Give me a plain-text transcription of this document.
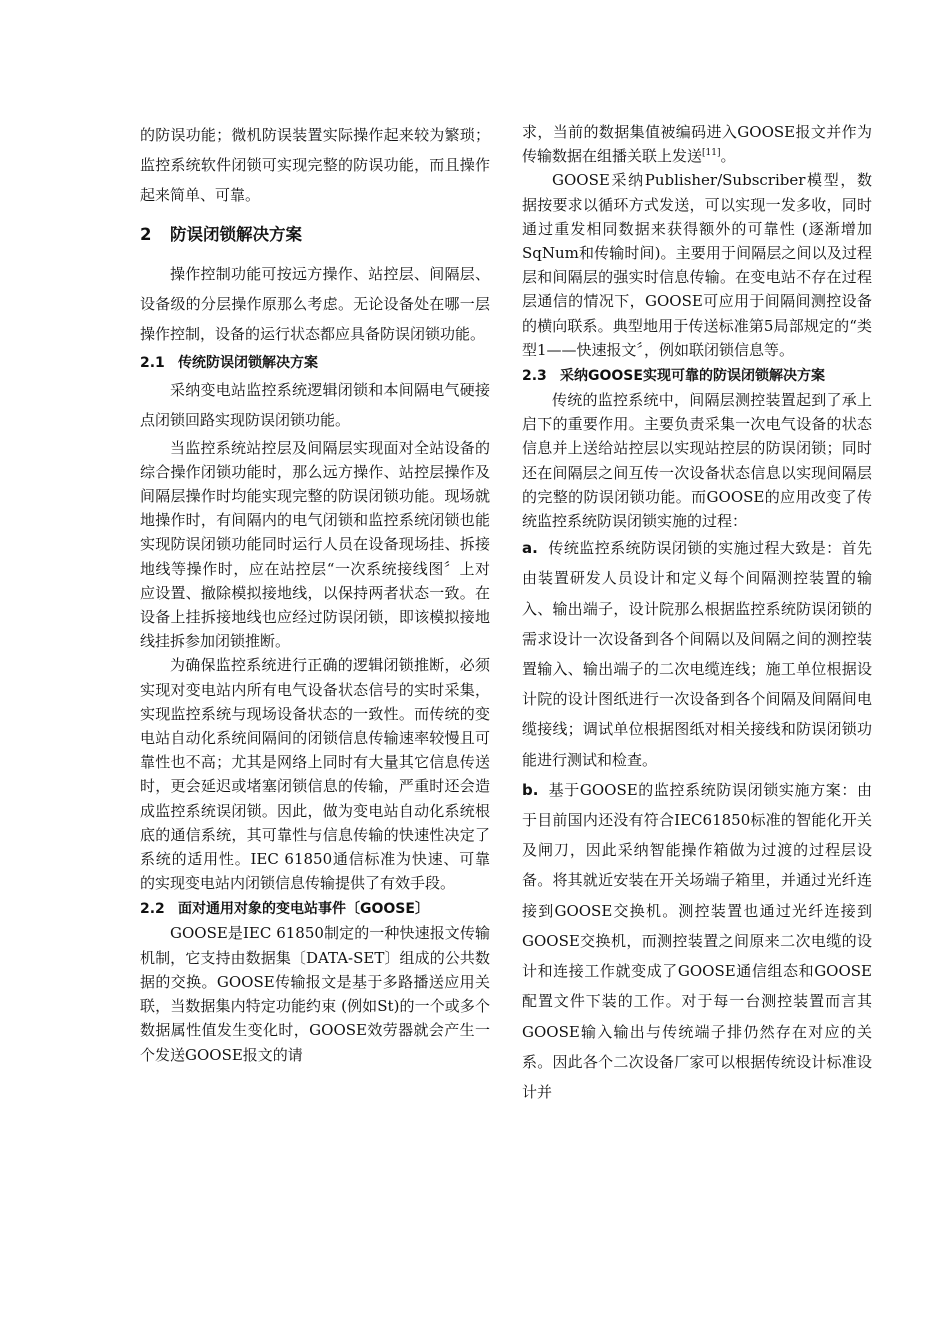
的防误功能；微机防误装置实际操作起来较为繁琐；监控系统软件闭锁可实现完整的防误功能，而且操作起来简单、可靠。

2 防误闭锁解决方案

操作控制功能可按远方操作、站控层、间隔层、设备级的分层操作原那么考虑。无论设备处在哪一层操作控制，设备的运行状态都应具备防误闭锁功能。

2.1 传统防误闭锁解决方案

采纳变电站监控系统逻辑闭锁和本间隔电气硬接点闭锁回路实现防误闭锁功能。

当监控系统站控层及间隔层实现面对全站设备的综合操作闭锁功能时，那么远方操作、站控层操作及间隔层操作时均能实现完整的防误闭锁功能。现场就地操作时，有间隔内的电气闭锁和监控系统闭锁也能实现防误闭锁功能同时运行人员在设备现场挂、拆接地线等操作时，应在站控层“一次系统接线图〞上对应设置、撤除模拟接地线，以保持两者状态一致。在设备上挂拆接地线也应经过防误闭锁，即该模拟接地线挂拆参加闭锁推断。

为确保监控系统进行正确的逻辑闭锁推断，必须实现对变电站内所有电气设备状态信号的实时采集，实现监控系统与现场设备状态的一致性。而传统的变电站自动化系统间隔间的闭锁信息传输速率较慢且可靠性也不高；尤其是网络上同时有大量其它信息传送时，更会延迟或堵塞闭锁信息的传输，严重时还会造成监控系统误闭锁。因此，做为变电站自动化系统根底的通信系统，其可靠性与信息传输的快速性决定了系统的适用性。IEC 61850通信标准为快速、可靠的实现变电站内闭锁信息传输提供了有效手段。

2.2 面对通用对象的变电站事件〔GOOSE〕

GOOSE是IEC 61850制定的一种快速报文传输机制，它支持由数据集〔DATA-SET〕组成的公共数据的交换。GOOSE传输报文是基于多路播送应用关联，当数据集内特定功能约束 (例如St)的一个或多个数据属性值发生变化时，GOOSE效劳器就会产生一个发送GOOSE报文的请

求，当前的数据集值被编码进入GOOSE报文并作为传输数据在组播关联上发送[11]。

GOOSE采纳Publisher/Subscriber模型，数据按要求以循环方式发送，可以实现一发多收，同时通过重发相同数据来获得额外的可靠性 (逐渐增加SqNum和传输时间)。主要用于间隔层之间以及过程层和间隔层的强实时信息传输。在变电站不存在过程层通信的情况下，GOOSE可应用于间隔间测控设备的横向联系。典型地用于传送标准第5局部规定的“类型1——快速报文〞，例如联闭锁信息等。

2.3 采纳GOOSE实现可靠的防误闭锁解决方案

传统的监控系统中，间隔层测控装置起到了承上启下的重要作用。主要负责采集一次电气设备的状态信息并上送给站控层以实现站控层的防误闭锁；同时还在间隔层之间互传一次设备状态信息以实现间隔层的完整的防误闭锁功能。而GOOSE的应用改变了传统监控系统防误闭锁实施的过程：

a. 传统监控系统防误闭锁的实施过程大致是：首先由装置研发人员设计和定义每个间隔测控装置的输入、输出端子，设计院那么根据监控系统防误闭锁的需求设计一次设备到各个间隔以及间隔之间的测控装置输入、输出端子的二次电缆连线；施工单位根据设计院的设计图纸进行一次设备到各个间隔及间隔间电缆接线；调试单位根据图纸对相关接线和防误闭锁功能进行测试和检查。

b. 基于GOOSE的监控系统防误闭锁实施方案：由于目前国内还没有符合IEC61850标准的智能化开关及闸刀，因此采纳智能操作箱做为过渡的过程层设备。将其就近安装在开关场端子箱里，并通过光纤连接到GOOSE交换机。测控装置也通过光纤连接到GOOSE交换机，而测控装置之间原来二次电缆的设计和连接工作就变成了GOOSE通信组态和GOOSE配置文件下装的工作。对于每一台测控装置而言其GOOSE输入输出与传统端子排仍然存在对应的关系。因此各个二次设备厂家可以根据传统设计标准设计并
